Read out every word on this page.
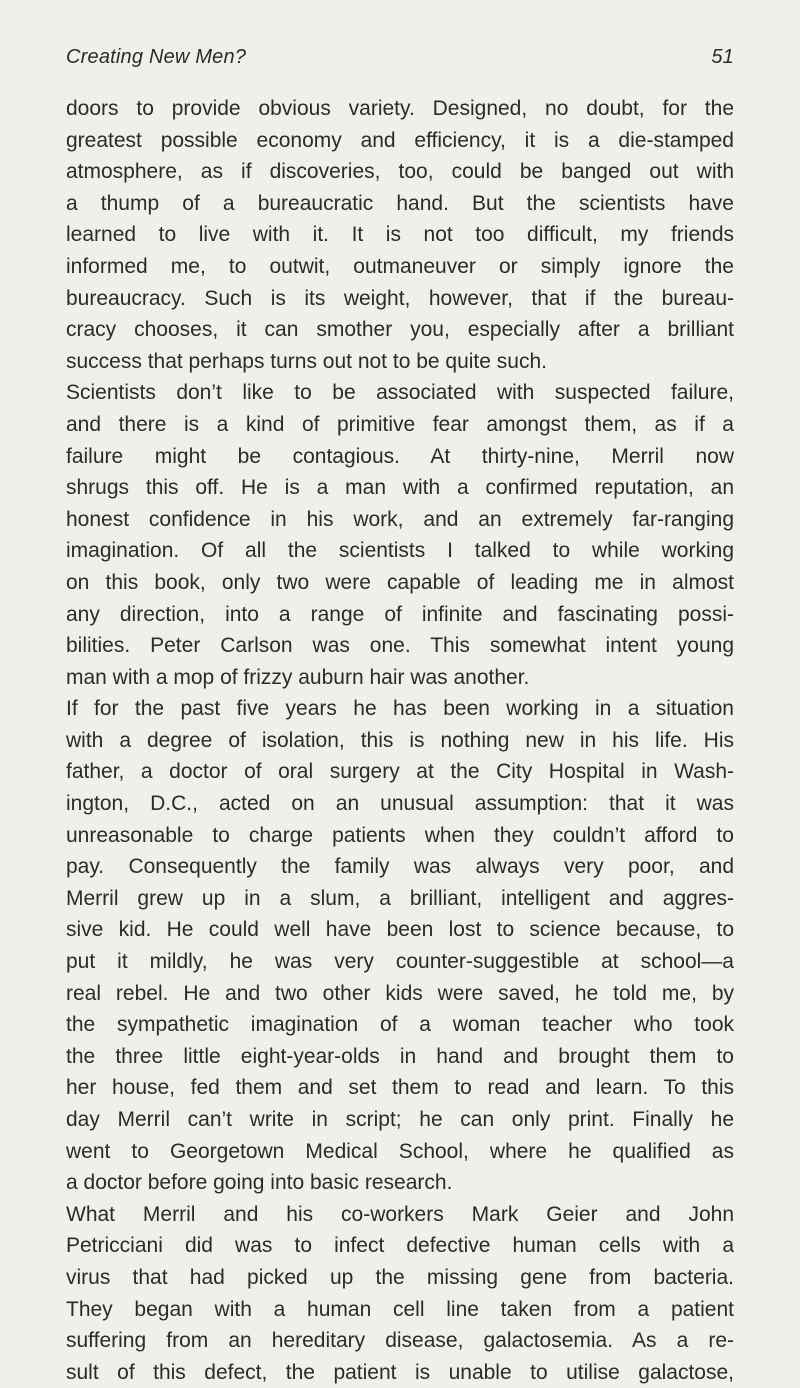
Creating New Men?	51
doors to provide obvious variety. Designed, no doubt, for the
greatest possible economy and efficiency, it is a die-stamped
atmosphere, as if discoveries, too, could be banged out with
a thump of a bureaucratic hand. But the scientists have
learned to live with it. It is not too difficult, my friends
informed me, to outwit, outmaneuver or simply ignore the
bureaucracy. Such is its weight, however, that if the bureau-
cracy chooses, it can smother you, especially after a brilliant
success that perhaps turns out not to be quite such.
Scientists don’t like to be associated with suspected failure,
and there is a kind of primitive fear amongst them, as if a
failure might be contagious. At thirty-nine, Merril now
shrugs this off. He is a man with a confirmed reputation, an
honest confidence in his work, and an extremely far-ranging
imagination. Of all the scientists I talked to while working
on this book, only two were capable of leading me in almost
any direction, into a range of infinite and fascinating possi-
bilities. Peter Carlson was one. This somewhat intent young
man with a mop of frizzy auburn hair was another.
If for the past five years he has been working in a situation
with a degree of isolation, this is nothing new in his life. His
father, a doctor of oral surgery at the City Hospital in Wash-
ington, D.C., acted on an unusual assumption: that it was
unreasonable to charge patients when they couldn’t afford to
pay. Consequently the family was always very poor, and
Merril grew up in a slum, a brilliant, intelligent and aggres-
sive kid. He could well have been lost to science because, to
put it mildly, he was very counter-suggestible at school—a
real rebel. He and two other kids were saved, he told me, by
the sympathetic imagination of a woman teacher who took
the three little eight-year-olds in hand and brought them to
her house, fed them and set them to read and learn. To this
day Merril can’t write in script; he can only print. Finally he
went to Georgetown Medical School, where he qualified as
a doctor before going into basic research.
What Merril and his co-workers Mark Geier and John
Petricciani did was to infect defective human cells with a
virus that had picked up the missing gene from bacteria.
They began with a human cell line taken from a patient
suffering from an hereditary disease, galactosemia. As a re-
sult of this defect, the patient is unable to utilise galactose,
